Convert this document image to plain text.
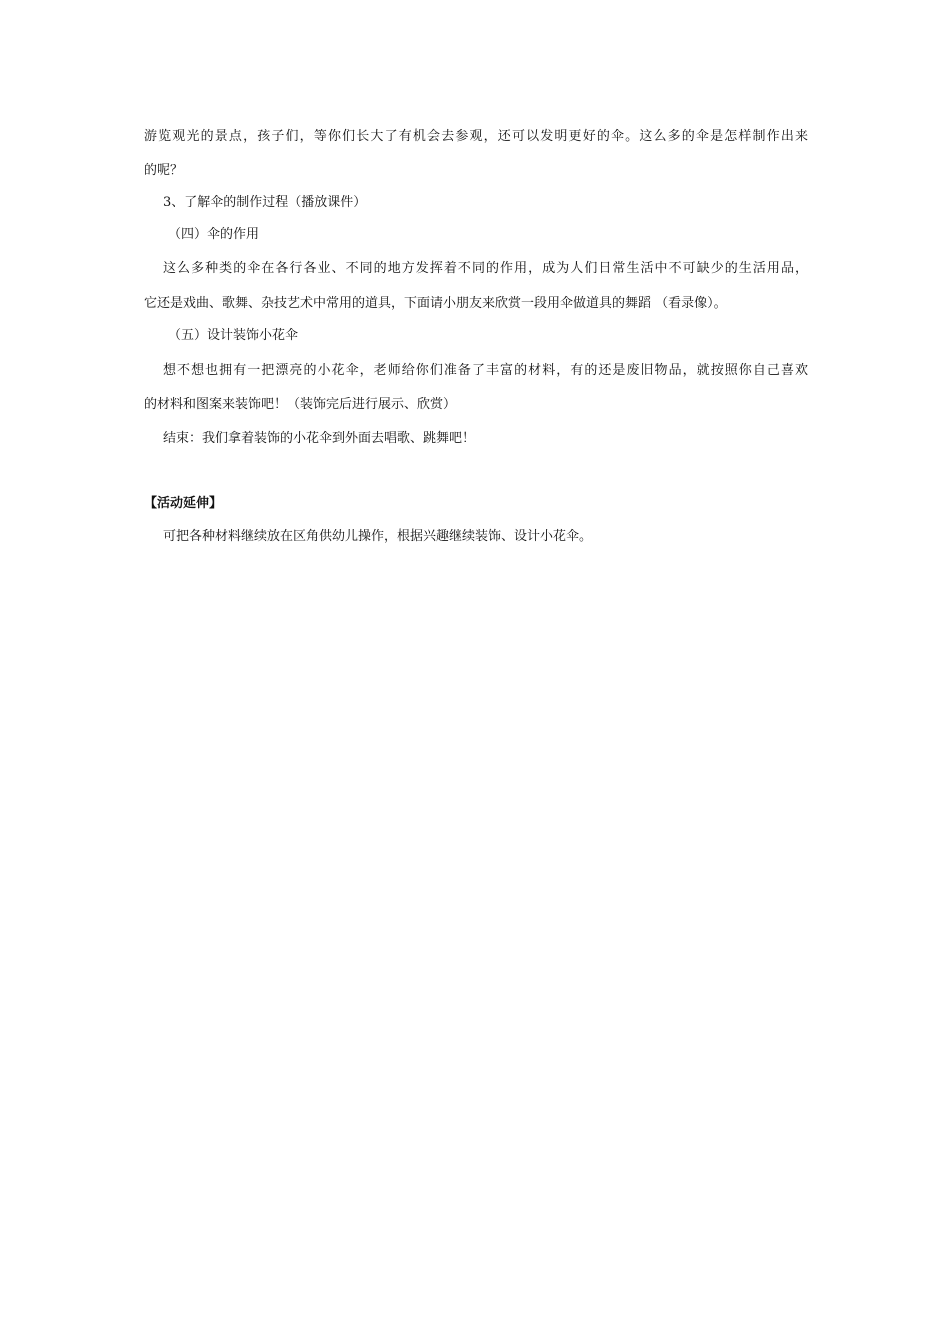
游览观光的景点，孩子们，等你们长大了有机会去参观，还可以发明更好的伞。这么多的伞是怎样制作出来
的呢？
3、了解伞的制作过程（播放课件）
（四）伞的作用
这么多种类的伞在各行各业、不同的地方发挥着不同的作用，成为人们日常生活中不可缺少的生活用品，
它还是戏曲、歌舞、杂技艺术中常用的道具，下面请小朋友来欣赏一段用伞做道具的舞蹈 （看录像）。
（五）设计装饰小花伞
想不想也拥有一把漂亮的小花伞，老师给你们准备了丰富的材料，有的还是废旧物品，就按照你自己喜欢
的材料和图案来装饰吧！（装饰完后进行展示、欣赏）
结束：我们拿着装饰的小花伞到外面去唱歌、跳舞吧！
【活动延伸】
可把各种材料继续放在区角供幼儿操作，根据兴趣继续装饰、设计小花伞。
